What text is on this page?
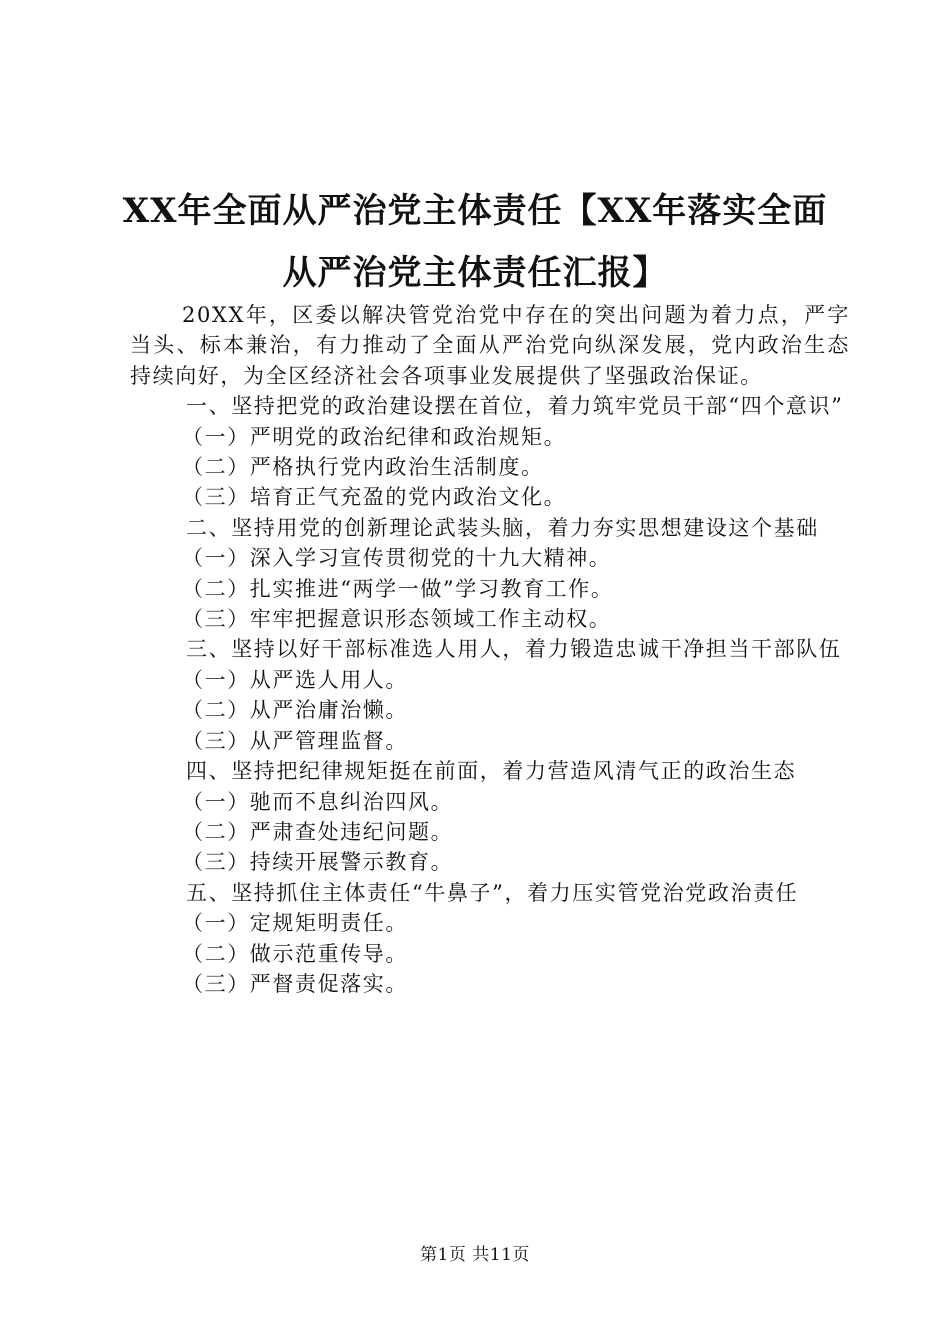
XX年全面从严治党主体责任【XX年落实全面
从严治党主体责任汇报】

20XX年，区委以解决管党治党中存在的突出问题为着力点，严字当头、标本兼治，有力推动了全面从严治党向纵深发展，党内政治生态持续向好，为全区经济社会各项事业发展提供了坚强政治保证。

一、坚持把党的政治建设摆在首位，着力筑牢党员干部“四个意识”

（一）严明党的政治纪律和政治规矩。

（二）严格执行党内政治生活制度。

（三）培育正气充盈的党内政治文化。

二、坚持用党的创新理论武装头脑，着力夯实思想建设这个基础

（一）深入学习宣传贯彻党的十九大精神。

（二）扎实推进“两学一做”学习教育工作。

（三）牢牢把握意识形态领域工作主动权。

三、坚持以好干部标准选人用人，着力锻造忠诚干净担当干部队伍

（一）从严选人用人。

（二）从严治庸治懒。

（三）从严管理监督。

四、坚持把纪律规矩挺在前面，着力营造风清气正的政治生态

（一）驰而不息纠治四风。

（二）严肃查处违纪问题。

（三）持续开展警示教育。

五、坚持抓住主体责任“牛鼻子”，着力压实管党治党政治责任

（一）定规矩明责任。

（二）做示范重传导。

（三）严督责促落实。

第1页 共11页
